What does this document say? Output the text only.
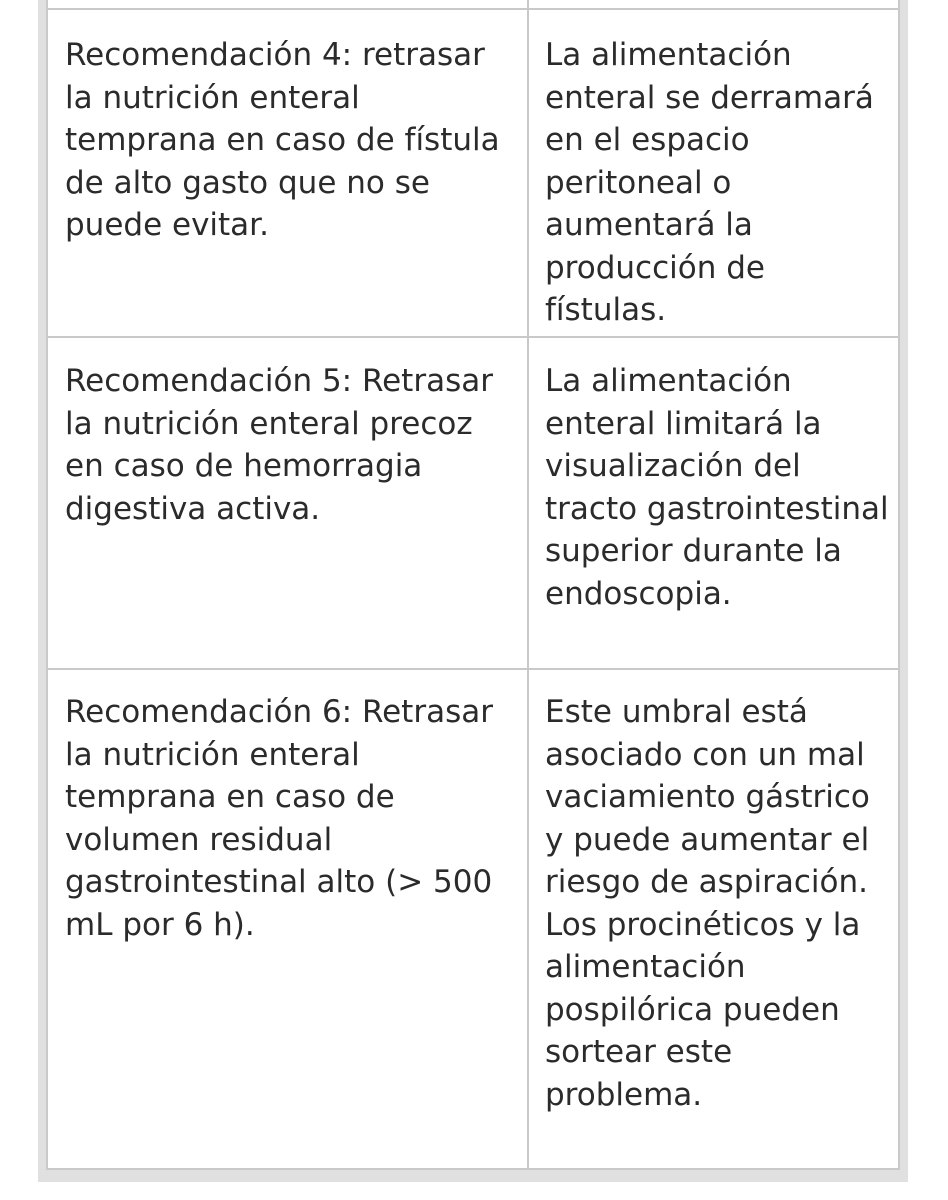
Recomendación 4: retrasar la nutrición enteral temprana en caso de fístula de alto gasto que no se puede evitar.	La alimentación enteral se derramará en el espacio peritoneal o aumentará la producción de fístulas.

Recomendación 5: Retrasar la nutrición enteral precoz en caso de hemorragia digestiva activa.	La alimentación enteral limitará la visualización del tracto gastrointestinal superior durante la endoscopia.

Recomendación 6: Retrasar la nutrición enteral temprana en caso de volumen residual gastrointestinal alto (> 500 mL por 6 h).	Este umbral está asociado con un mal vaciamiento gástrico y puede aumentar el riesgo de aspiración. Los procinéticos y la alimentación pospilórica pueden sortear este problema.
